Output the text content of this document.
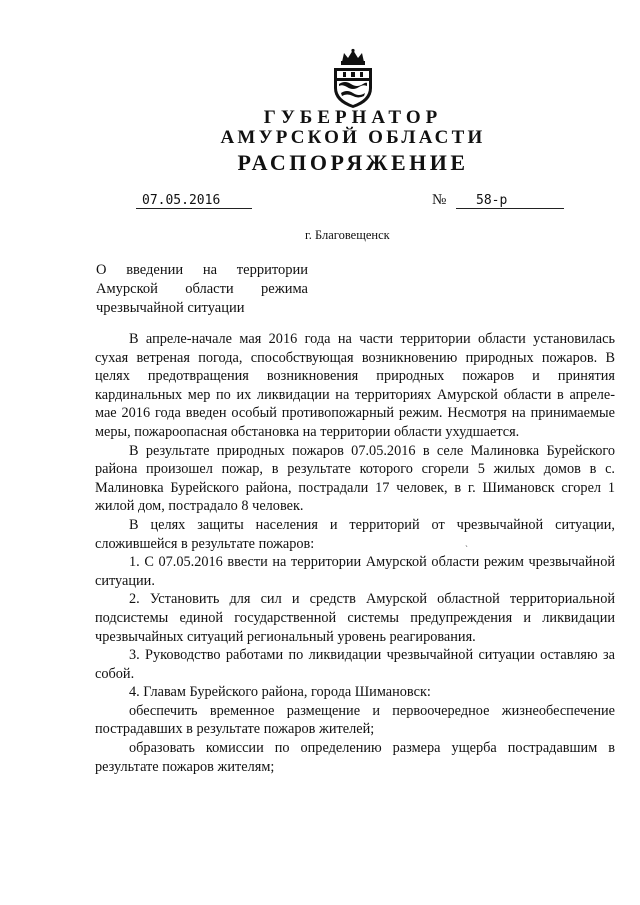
ГУБЕРНАТОР
АМУРСКОЙ ОБЛАСТИ
РАСПОРЯЖЕНИЕ
07.05.2016	№ 58-р
г. Благовещенск

О введении на территории

Амурской области режима

чрезвычайной ситуации

В апреле-начале мая 2016 года на части территории области установилась сухая ветреная погода, способствующая возникновению природных пожаров. В целях предотвращения возникновения природных пожаров и принятия кардинальных мер по их ликвидации на территориях Амурской области в апреле-мае 2016 года введен особый противопожарный режим. Несмотря на принимаемые меры, пожароопасная обстановка на территории области ухудшается.

В результате природных пожаров 07.05.2016 в селе Малиновка Бурейского района произошел пожар, в результате которого сгорели 5 жилых домов в с. Малиновка Бурейского района, пострадали 17 человек, в г. Шимановск сгорел 1 жилой дом, пострадало 8 человек.

В целях защиты населения и территорий от чрезвычайной ситуации, сложившейся в результате пожаров:

1. С 07.05.2016 ввести на территории Амурской области режим чрезвычайной ситуации.

2. Установить для сил и средств Амурской областной территориальной подсистемы единой государственной системы предупреждения и ликвидации чрезвычайных ситуаций региональный уровень реагирования.

3. Руководство работами по ликвидации чрезвычайной ситуации оставляю за собой.

4. Главам Бурейского района, города Шимановск:

обеспечить временное размещение и первоочередное жизнеобеспечение пострадавших в результате пожаров жителей;

образовать комиссии по определению размера ущерба пострадавшим в результате пожаров жителям;

ˎ
